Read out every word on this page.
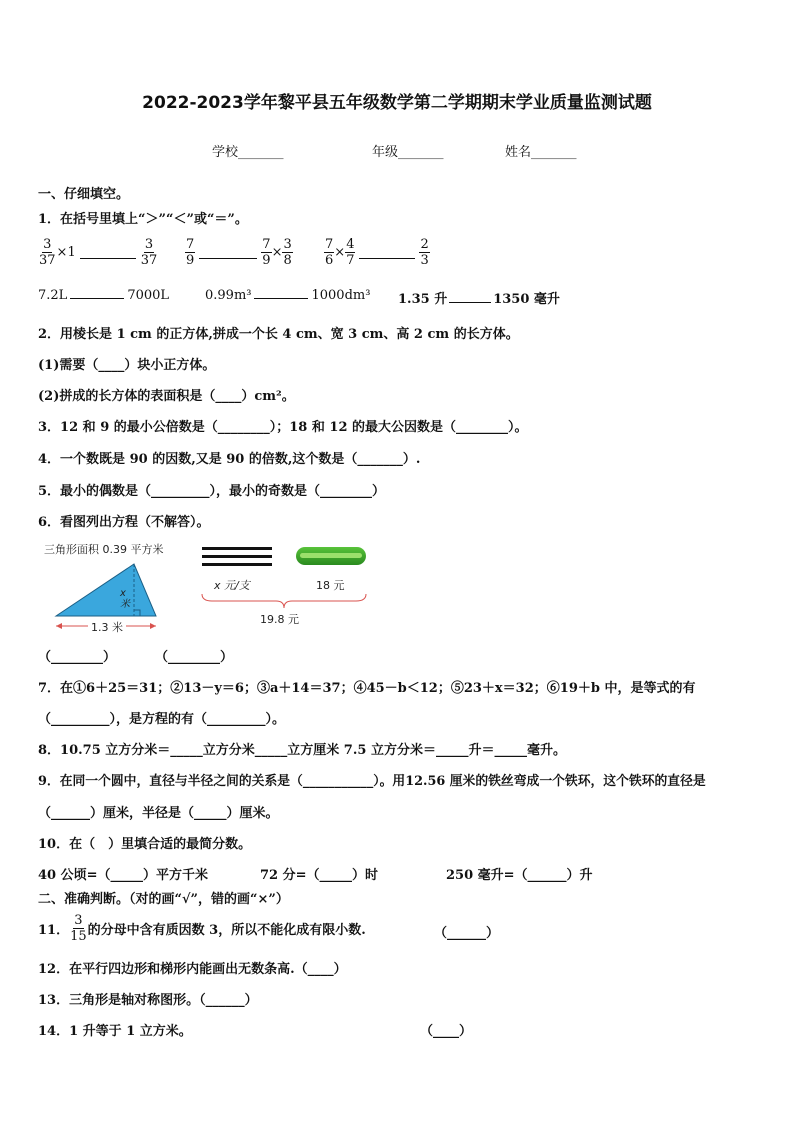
2022-2023学年黎平县五年级数学第二学期期末学业质量监测试题
学校_______	年级_______	姓名_______
一、仔细填空。
1．在括号里填上“＞”“＜”或“＝”。
$\frac{3}{37} \times 1$	$\frac{3}{37} \frac{7}{9}$	$\frac{7}{9} \times \frac{3}{8} \frac{7}{6} \times \frac{4}{7}$	$\frac{2}{3}$
7.2L	7000L	0.99m³	1000dm³ 1.35 升	1350 毫升
2．用棱长是 1 cm 的正方体,拼成一个长 4 cm、宽 3 cm、高 2 cm 的长方体。
(1)需要（____）块小正方体。
(2)拼成的长方体的表面积是（____）cm²。
3．12 和 9 的最小公倍数是（________）；18 和 12 的最大公因数是（________）。
4．一个数既是 90 的因数,又是 90 的倍数,这个数是（_______）.
5．最小的偶数是（_________），最小的奇数是（________）
6．看图列出方程（不解答）。
三角形面积 0.39 平方米
x米
1.3 米
x 元/支	18 元
19.8 元
（________）	（________）
7．在①6＋25＝31；②13－y＝6；③a＋14＝37；④45－b＜12；⑤23＋x＝32；⑥19＋b 中，是等式的有
（_________），是方程的有（_________）。
8．10.75 立方分米＝_____立方分米_____立方厘米 7.5 立方分米＝_____升＝_____毫升。
9．在同一个圆中，直径与半径之间的关系是（___________）。用12.56 厘米的铁丝弯成一个铁环，这个铁环的直径是
（______）厘米，半径是（_____）厘米。
10．在（　）里填合适的最简分数。
40 公顷=（_____）平方千米	72 分=（_____）时	250 毫升=（______）升
二、准确判断。（对的画“√”，错的画“×”）
11． $\frac{3}{15}$ 的分母中含有质因数 3，所以不能化成有限小数.	（______）
12．在平行四边形和梯形内能画出无数条高.（____）
13．三角形是轴对称图形。（______）
14．1 升等于 1 立方米。	（____）
